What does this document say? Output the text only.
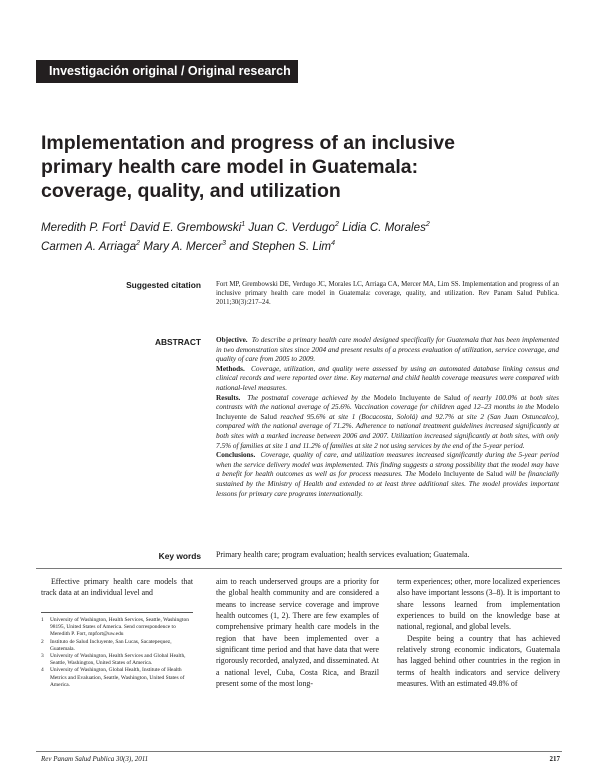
Investigación original / Original research
Implementation and progress of an inclusive primary health care model in Guatemala: coverage, quality, and utilization
Meredith P. Fort$^1$ David E. Grembowski$^1$ Juan C. Verdugo$^2$ Lidia C. Morales$^2$
Carmen A. Arriaga$^2$ Mary A. Mercer$^3$ and Stephen S. Lim$^4$
Suggested citation Fort MP, Grembowski DE, Verdugo JC, Morales LC, Arriaga CA, Mercer MA, Lim SS. Implementation and progress of an inclusive primary health care model in Guatemala: coverage, quality, and utilization. Rev Panam Salud Publica. 2011;30(3):217–24.
ABSTRACT Objective. To describe a primary health care model designed specifically for Guatemala that has been implemented in two demonstration sites since 2004 and present results of a process evaluation of utilization, service coverage, and quality of care from 2005 to 2009.

Methods. Coverage, utilization, and quality were assessed by using an automated database linking census and clinical records and were reported over time. Key maternal and child health coverage measures were compared with national-level measures.

Results. The postnatal coverage achieved by the Modelo Incluyente de Salud of nearly 100.0% at both sites contrasts with the national average of 25.6%. Vaccination coverage for children aged 12–23 months in the Modelo Incluyente de Salud reached 95.6% at site 1 (Bocacosta, Sololá) and 92.7% at site 2 (San Juan Ostuncalco), compared with the national average of 71.2%. Adherence to national treatment guidelines increased significantly at both sites with a marked increase between 2006 and 2007. Utilization increased significantly at both sites, with only 7.5% of families at site 1 and 11.2% of families at site 2 not using services by the end of the 5-year period.

Conclusions. Coverage, quality of care, and utilization measures increased significantly during the 5-year period when the service delivery model was implemented. This finding suggests a strong possibility that the model may have a benefit for health outcomes as well as for process measures. The Modelo Incluyente de Salud will be financially sustained by the Ministry of Health and extended to at least three additional sites. The model provides important lessons for primary care programs internationally.

Key words Primary health care; program evaluation; health services evaluation; Guatemala.

Effective primary health care models that track data at an individual level and

1 University of Washington, Health Services, Seattle, Washington 98195, United States of America. Send correspondence to Meredith P. Fort, mpfort@uw.edu

2 Instituto de Salud Incluyente, San Lucas, Sacatepequez, Guatemala.

3 University of Washington, Health Services and Global Health, Seattle, Washington, United States of America.

4 University of Washington, Global Health, Institute of Health Metrics and Evaluation, Seattle, Washington, United States of America.

aim to reach underserved groups are a priority for the global health community and are considered a means to increase service coverage and improve health outcomes (1, 2). There are few examples of comprehensive primary health care models in the region that have been implemented over a significant time period and that have data that were rigorously recorded, analyzed, and disseminated. At a national level, Cuba, Costa Rica, and Brazil present some of the most long-

term experiences; other, more localized experiences also have important lessons (3–8). It is important to share lessons learned from implementation experiences to build on the knowledge base at national, regional, and global levels.

Despite being a country that has achieved relatively strong economic indicators, Guatemala has lagged behind other countries in the region in terms of health indicators and service delivery measures. With an estimated 49.8% of

Rev Panam Salud Publica 30(3), 2011	217
